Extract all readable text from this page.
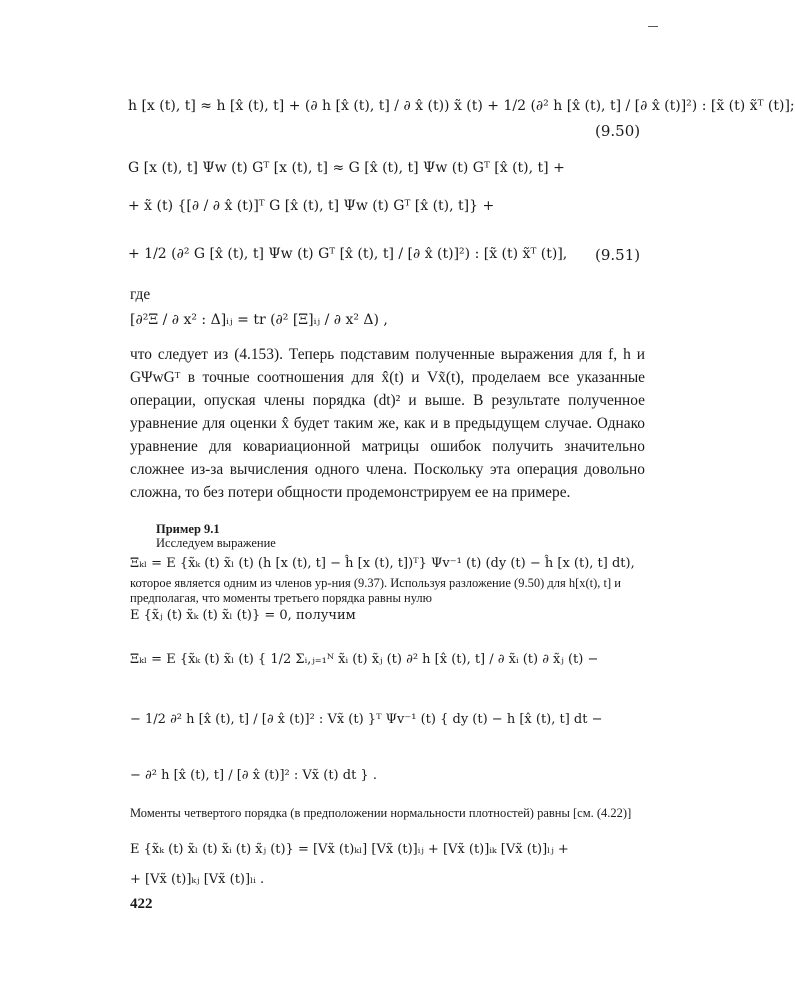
h [x (t), t] ≈ h [x̂ (t), t] + (∂ h [x̂ (t), t] / ∂ x̂ (t)) x̃ (t) + 1/2 (∂² h [x̂ (t), t] / [∂ x̂ (t)]²) : [x̃ (t) x̃ᵀ (t)];
(9.50)
G [x (t), t] Ψw (t) Gᵀ [x (t), t] ≈ G [x̂ (t), t] Ψw (t) Gᵀ [x̂ (t), t] +
+ x̃ (t) {[∂ / ∂ x̂ (t)]ᵀ G [x̂ (t), t] Ψw (t) Gᵀ [x̂ (t), t]} +
+ 1/2 (∂² G [x̂ (t), t] Ψw (t) Gᵀ [x̂ (t), t] / [∂ x̂ (t)]²) : [x̃ (t) x̃ᵀ (t)], (9.51)
где
[∂²Ξ / ∂ x² : Δ]ᵢⱼ = tr (∂² [Ξ]ᵢⱼ / ∂ x² Δ) ,

что следует из (4.153). Теперь подставим полученные выражения для f, h и GΨwGᵀ в точные соотношения для x̂(t) и Vx̃(t), проделаем все указанные операции, опуская члены порядка (dt)² и выше. В результате полученное уравнение для оценки x̂ будет таким же, как и в предыдущем случае. Однако уравнение для ковариационной матрицы ошибок получить значительно сложнее из-за вычисления одного члена. Поскольку эта операция довольно сложна, то без потери общности продемонстрируем ее на примере.

Пример 9.1
Исследуем выражение
Ξₖₗ = E {x̃ₖ (t) x̃ₗ (t) (h [x (t), t] − ĥ [x (t), t])ᵀ} Ψv⁻¹ (t) (dy (t) − ĥ [x (t), t] dt),

которое является одним из членов ур-ния (9.37). Используя разложение (9.50) для h[x(t), t] и предполагая, что моменты третьего порядка равны нулю

E {x̃ⱼ (t) x̃ₖ (t) x̃ₗ (t)} = 0, получим
Ξₖₗ = E {x̃ₖ (t) x̃ₗ (t) { 1/2 Σᵢ,ⱼ₌₁ᴺ x̃ᵢ (t) x̃ⱼ (t) ∂² h [x̂ (t), t] / ∂ x̃ᵢ (t) ∂ x̃ⱼ (t) −
− 1/2 ∂² h [x̂ (t), t] / [∂ x̂ (t)]² : Vx̃ (t) }ᵀ Ψv⁻¹ (t) { dy (t) − h [x̂ (t), t] dt −
− ∂² h [x̂ (t), t] / [∂ x̂ (t)]² : Vx̃ (t) dt } .

Моменты четвертого порядка (в предположении нормальности плотностей) равны [см. (4.22)]

E {x̃ₖ (t) x̃ₗ (t) x̃ᵢ (t) x̃ⱼ (t)} = [Vx̃ (t)ₖₗ] [Vx̃ (t)]ᵢⱼ + [Vx̃ (t)]ᵢₖ [Vx̃ (t)]ₗⱼ +
+ [Vx̃ (t)]ₖⱼ [Vx̃ (t)]ₗᵢ .
422
